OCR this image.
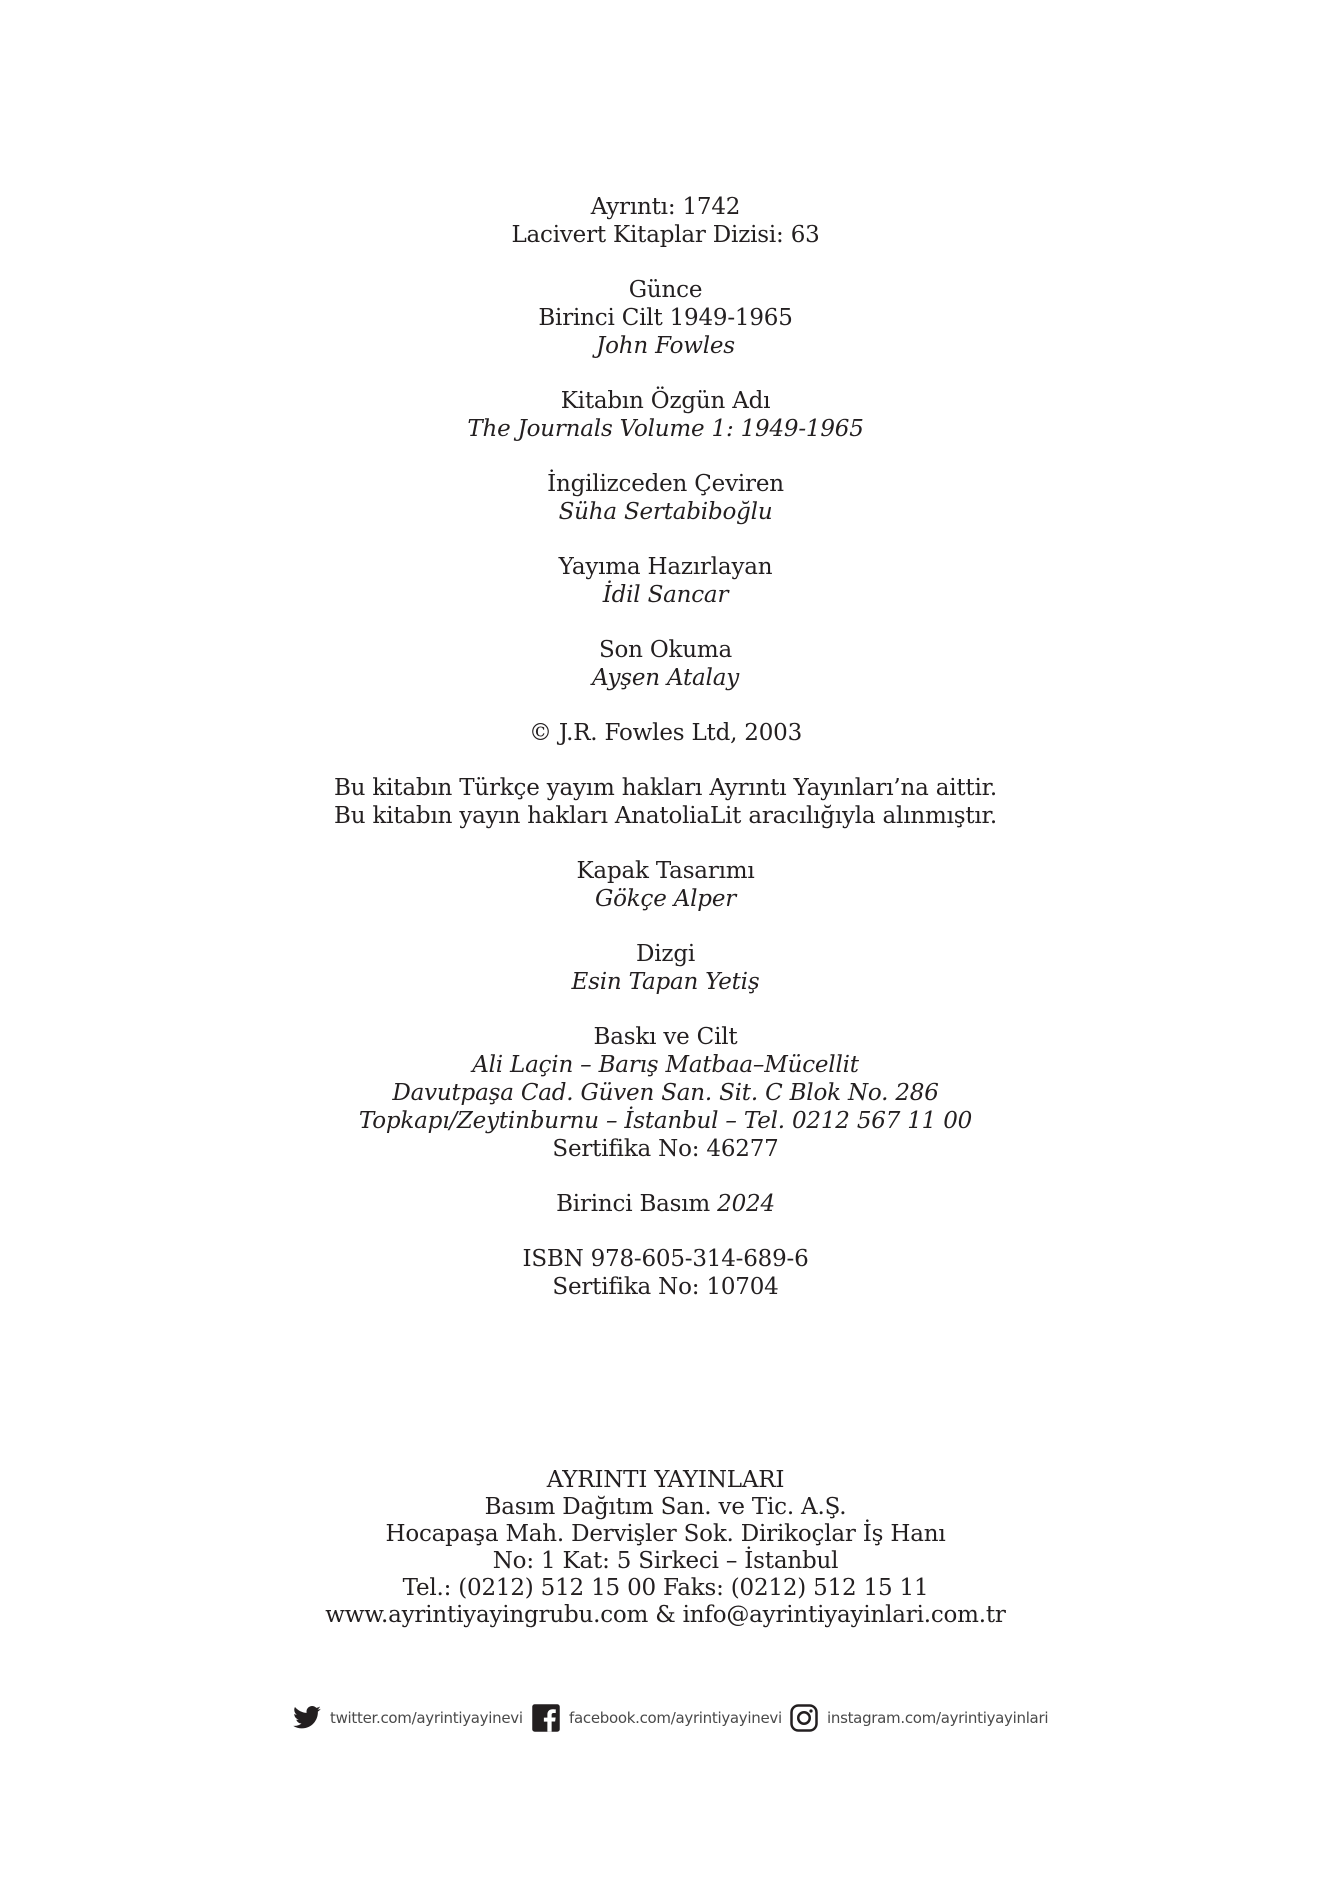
Ayrıntı: 1742
Lacivert Kitaplar Dizisi: 63
Günce
Birinci Cilt 1949-1965
John Fowles
Kitabın Özgün Adı
The Journals Volume 1: 1949-1965
İngilizceden Çeviren
Süha Sertabiboğlu
Yayıma Hazırlayan
İdil Sancar
Son Okuma
Ayşen Atalay
© J.R. Fowles Ltd, 2003
Bu kitabın Türkçe yayım hakları Ayrıntı Yayınları’na aittir.
Bu kitabın yayın hakları AnatoliaLit aracılığıyla alınmıştır.
Kapak Tasarımı
Gökçe Alper
Dizgi
Esin Tapan Yetiş
Baskı ve Cilt
Ali Laçin – Barış Matbaa–Mücellit
Davutpaşa Cad. Güven San. Sit. C Blok No. 286
Topkapı/Zeytinburnu – İstanbul – Tel. 0212 567 11 00
Sertifika No: 46277
Birinci Basım 2024
ISBN 978-605-314-689-6
Sertifika No: 10704
AYRINTI YAYINLARI
Basım Dağıtım San. ve Tic. A.Ş.
Hocapaşa Mah. Dervişler Sok. Dirikoçlar İş Hanı
No: 1 Kat: 5 Sirkeci – İstanbul
Tel.: (0212) 512 15 00 Faks: (0212) 512 15 11
www.ayrintiyayingrubu.com & info@ayrintiyayinlari.com.tr
twitter.com/ayrintiyayinevi	facebook.com/ayrintiyayinevi	instagram.com/ayrintiyayinlari
